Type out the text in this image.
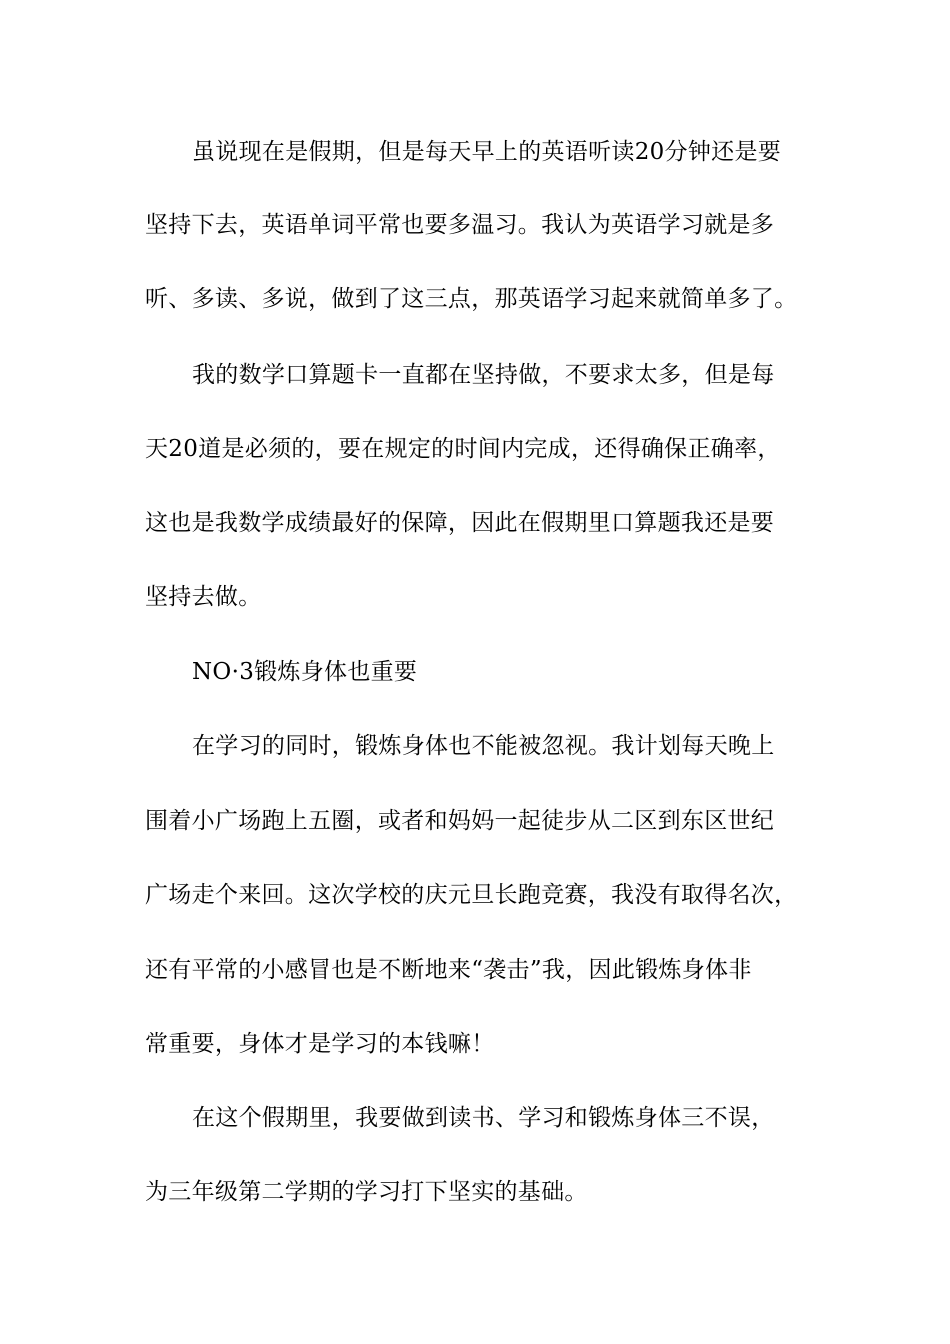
虽说现在是假期，但是每天早上的英语听读20分钟还是要
坚持下去，英语单词平常也要多温习。我认为英语学习就是多
听、多读、多说，做到了这三点，那英语学习起来就简单多了。
我的数学口算题卡一直都在坚持做，不要求太多，但是每
天20道是必须的，要在规定的时间内完成，还得确保正确率，
这也是我数学成绩最好的保障，因此在假期里口算题我还是要
坚持去做。
NO·3锻炼身体也重要
在学习的同时，锻炼身体也不能被忽视。我计划每天晚上
围着小广场跑上五圈，或者和妈妈一起徒步从二区到东区世纪
广场走个来回。这次学校的庆元旦长跑竞赛，我没有取得名次，
还有平常的小感冒也是不断地来“袭击”我，因此锻炼身体非
常重要，身体才是学习的本钱嘛！
在这个假期里，我要做到读书、学习和锻炼身体三不误，
为三年级第二学期的学习打下坚实的基础。
